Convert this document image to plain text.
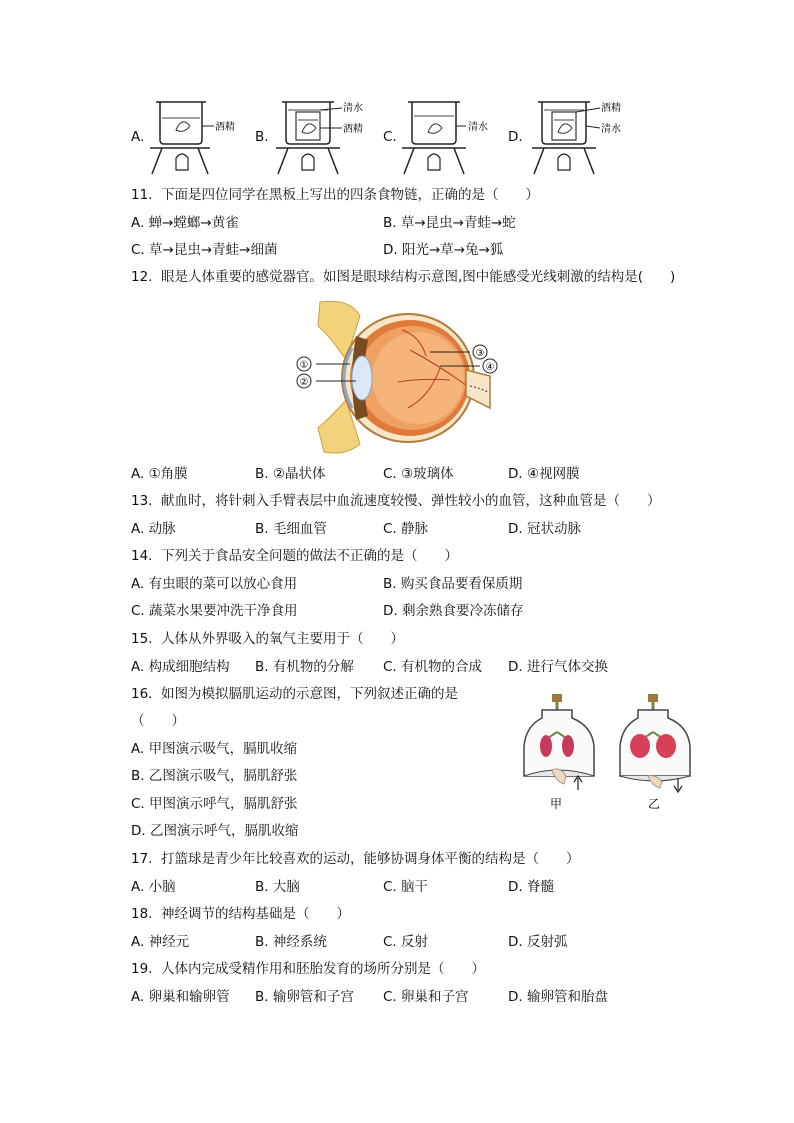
A.	B.	C.	D.
酒精
清水
酒精	清水
酒精
清水
11. 下面是四位同学在黑板上写出的四条食物链，正确的是（　　）
A. 蝉→螳螂→黄雀	B. 草→昆虫→青蛙→蛇
C. 草→昆虫→青蛙→细菌	D. 阳光→草→兔→狐
12. 眼是人体重要的感觉器官。如图是眼球结构示意图,图中能感受光线刺激的结构是(　　)
①
②
③
④
A. ①角膜	B. ②晶状体	C. ③玻璃体	D. ④视网膜
13. 献血时，将针刺入手臂表层中血流速度较慢、弹性较小的血管，这种血管是（　　）
A. 动脉	B. 毛细血管	C. 静脉	D. 冠状动脉
14. 下列关于食品安全问题的做法不正确的是（　　）
A. 有虫眼的菜可以放心食用	B. 购买食品要看保质期
C. 蔬菜水果要冲洗干净食用	D. 剩余熟食要冷冻储存
15. 人体从外界吸入的氧气主要用于（　　）
A. 构成细胞结构 B. 有机物的分解 C. 有机物的合成 D. 进行气体交换
16. 如图为模拟膈肌运动的示意图，下列叙述正确的是
（　　）
A. 甲图演示吸气，膈肌收缩
B. 乙图演示吸气，膈肌舒张
C. 甲图演示呼气，膈肌舒张
D. 乙图演示呼气，膈肌收缩
甲	乙
17. 打篮球是青少年比较喜欢的运动，能够协调身体平衡的结构是（　　）
A. 小脑	B. 大脑	C. 脑干	D. 脊髓
18. 神经调节的结构基础是（　　）
A. 神经元	B. 神经系统	C. 反射	D. 反射弧
19. 人体内完成受精作用和胚胎发育的场所分别是（　　）
A. 卵巢和输卵管 B. 输卵管和子宫 C. 卵巢和子宫	D. 输卵管和胎盘
